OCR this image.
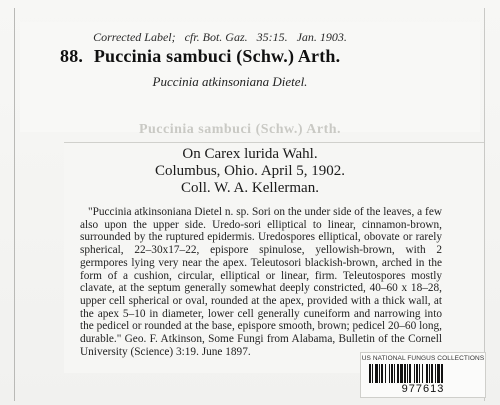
Corrected Label; cfr. Bot. Gaz. 35:15. Jan. 1903.
88. Puccinia sambuci (Schw.) Arth.
Puccinia atkinsoniana Dietel.
Puccinia sambuci (Schw.) Arth.
On Carex lurida Wahl.
Columbus, Ohio. April 5, 1902.
Coll. W. A. Kellerman.
"Puccinia atkinsoniana Dietel n. sp. Sori on the under side of the leaves, a few also upon the upper side. Uredo-sori elliptical to linear, cinnamon-brown, surrounded by the ruptured epidermis. Uredospores elliptical, obovate or rarely spherical, 22–30x17–22, epispore spinulose, yellowish-brown, with 2 germpores lying very near the apex. Teleutosori blackish-brown, arched in the form of a cushion, circular, elliptical or linear, firm. Teleutospores mostly clavate, at the septum generally somewhat deeply constricted, 40–60 x 18–28, upper cell spherical or oval, rounded at the apex, provided with a thick wall, at the apex 5–10 in diameter, lower cell generally cuneiform and narrowing into the pedicel or rounded at the base, epispore smooth, brown; pedicel 20–60 long, durable." Geo. F. Atkinson, Some Fungi from Alabama, Bulletin of the Cornell University (Science) 3:19. June 1897.
US NATIONAL FUNGUS COLLECTIONS
977613
